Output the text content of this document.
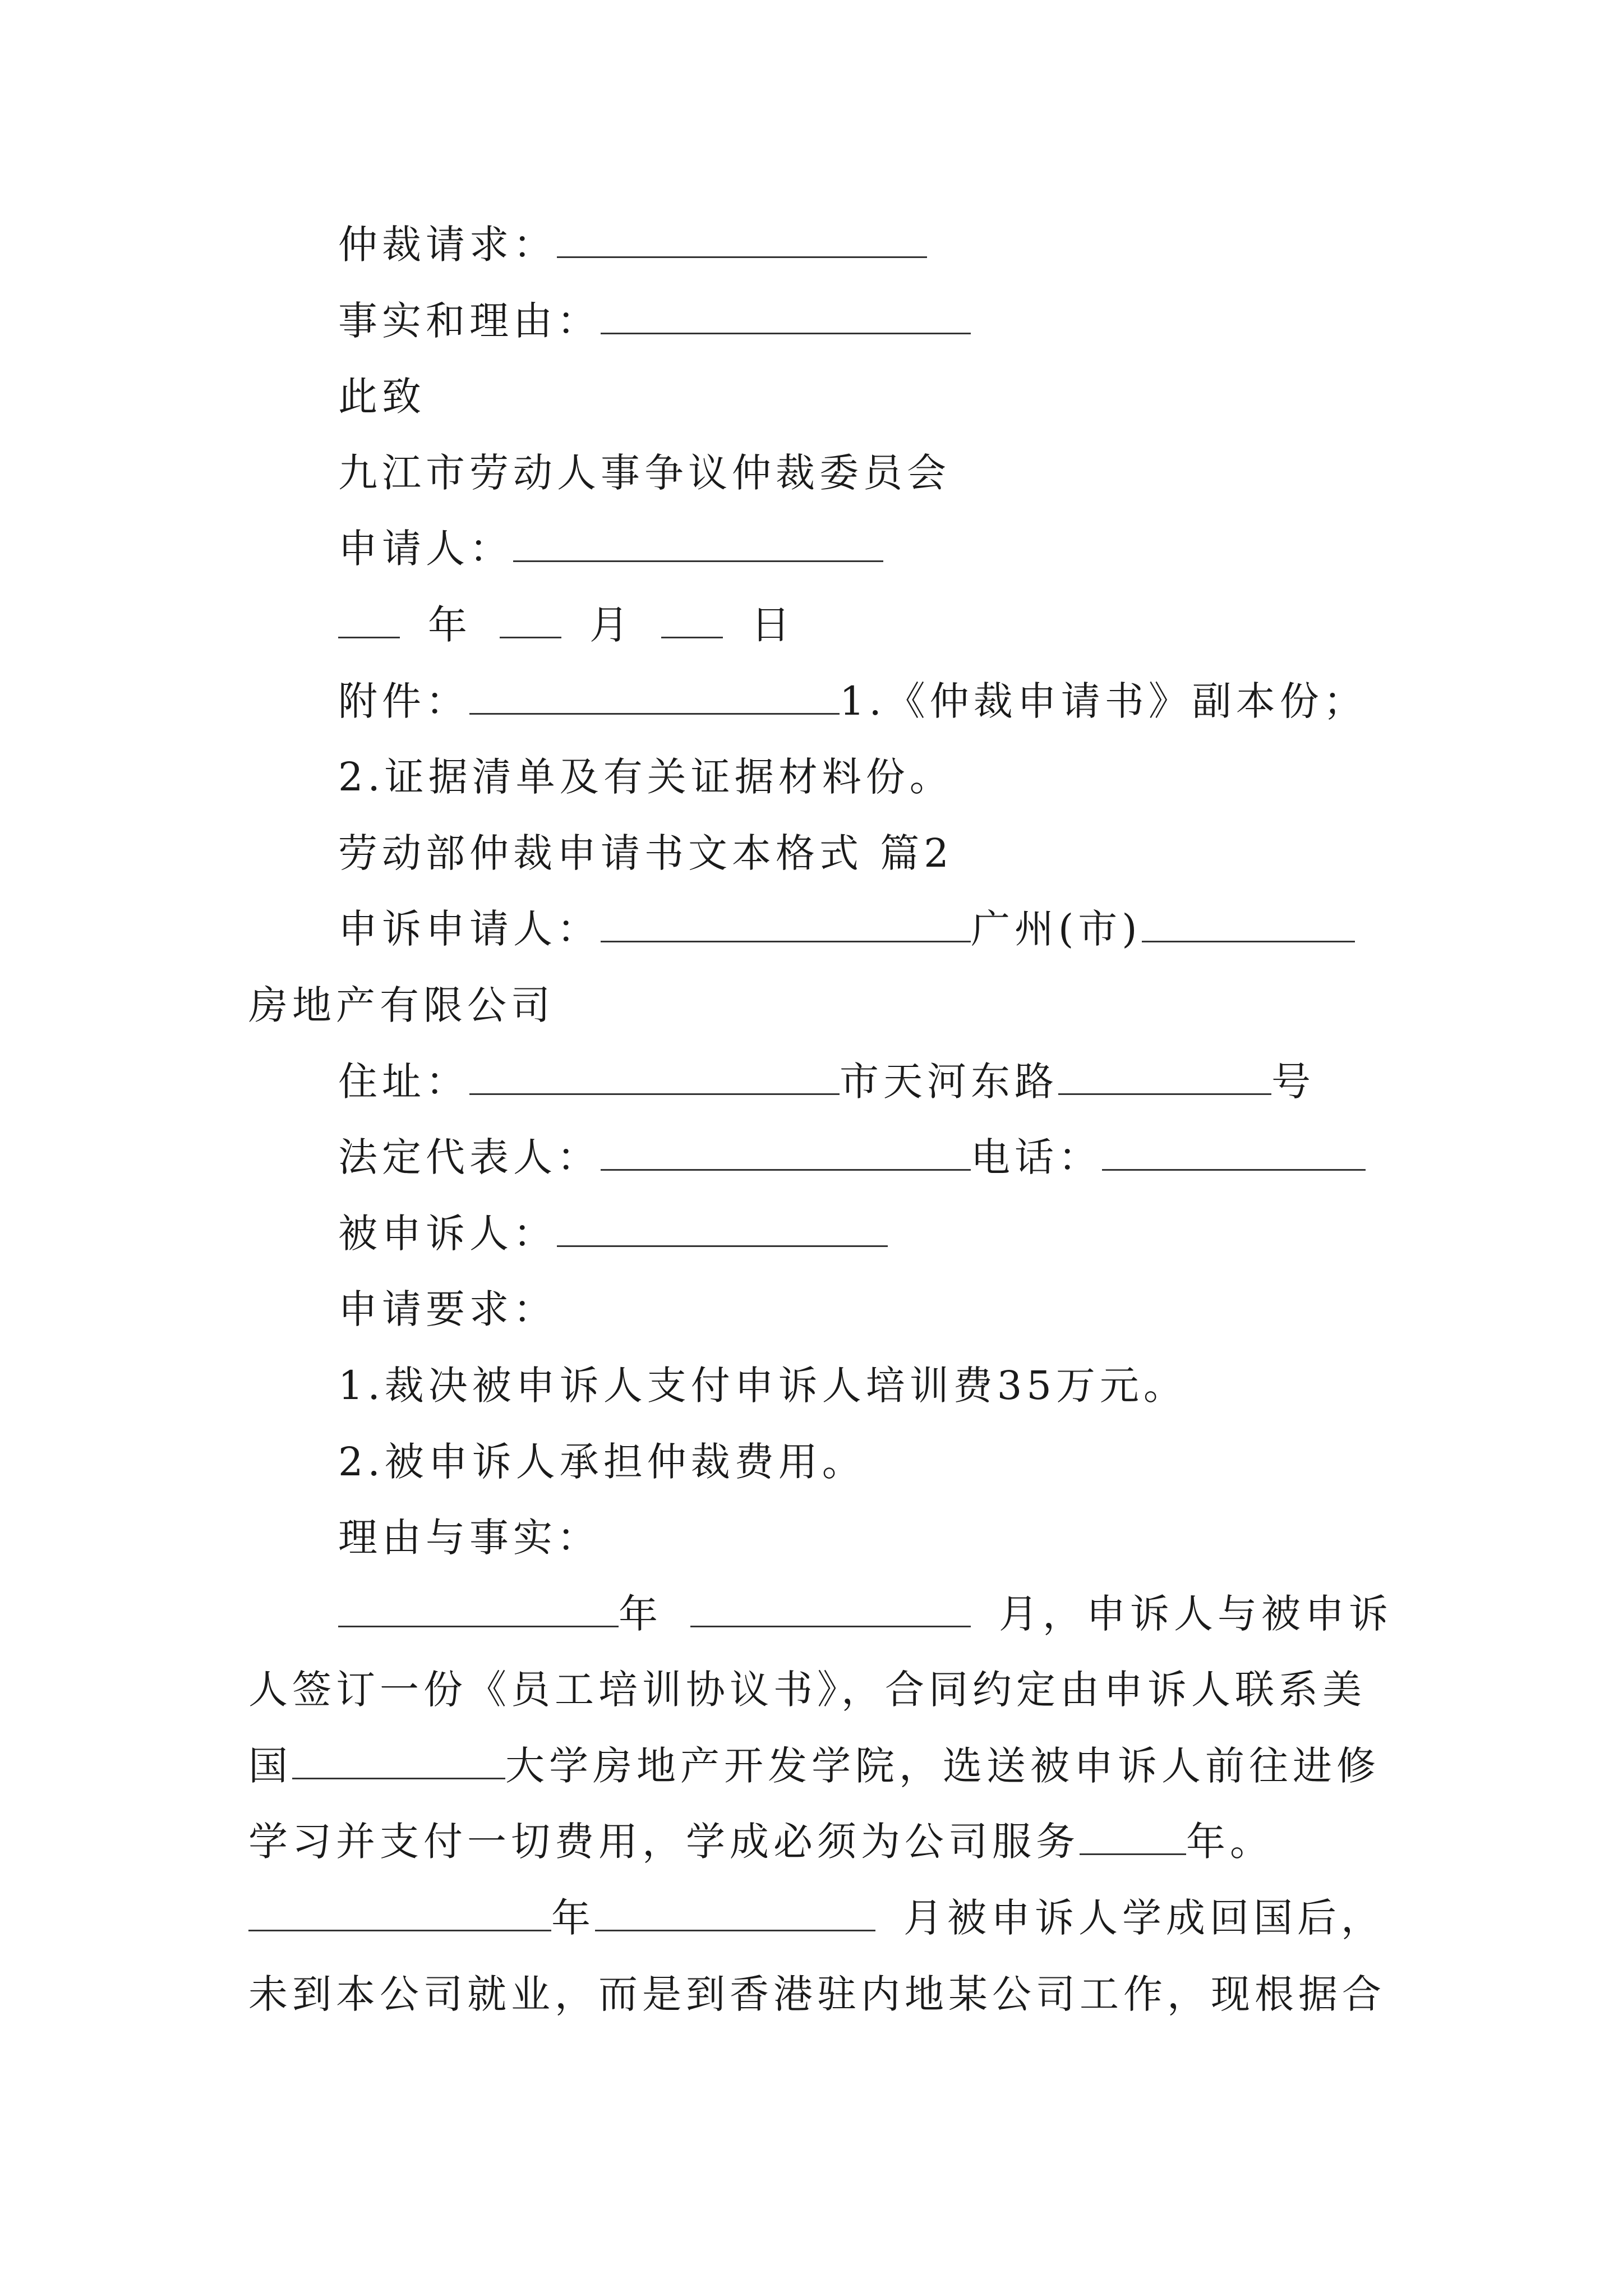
仲裁请求：
事实和理由：
此致
九江市劳动人事争议仲裁委员会
申请人：
年	月	日
附件：	1.《仲裁申请书》副本份；
2.证据清单及有关证据材料份。
劳动部仲裁申请书文本格式 篇2
申诉申请人：	广州(市)
房地产有限公司
住址：	市天河东路	号
法定代表人：	电话：
被申诉人：
申请要求：
1.裁决被申诉人支付申诉人培训费35万元。
2.被申诉人承担仲裁费用。
理由与事实：
年	月，申诉人与被申诉
人签订一份《员工培训协议书》，合同约定由申诉人联系美
国	大学房地产开发学院，选送被申诉人前往进修
学习并支付一切费用，学成必须为公司服务	年。
年	月被申诉人学成回国后，
未到本公司就业，而是到香港驻内地某公司工作，现根据合
